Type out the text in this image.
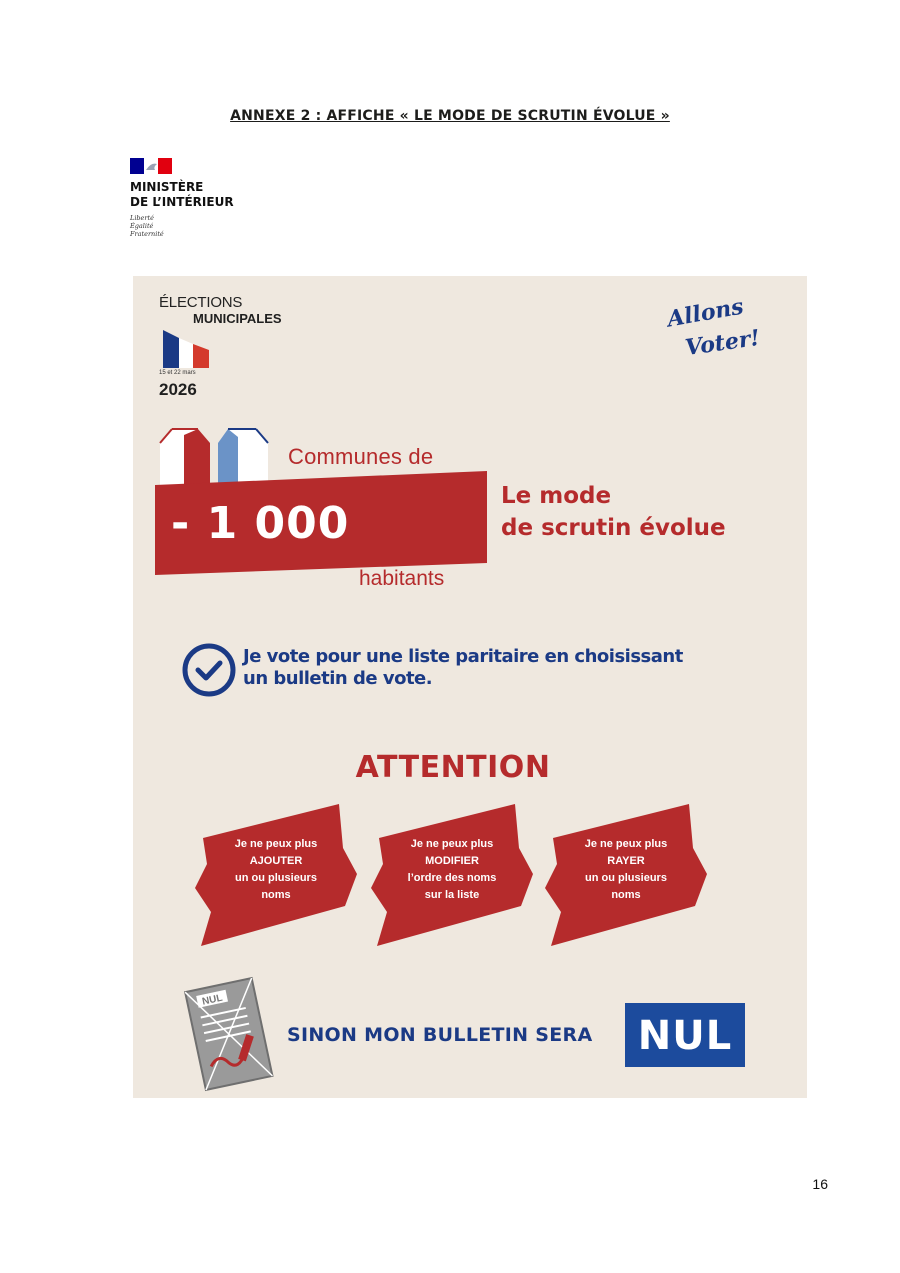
ANNEXE 2 : AFFICHE « LE MODE DE SCRUTIN ÉVOLUE »
MINISTÈRE
DE L’INTÉRIEUR
Liberté
Égalité
Fraternité
ÉLECTIONS
MUNICIPALES
15 et 22 mars
2026
Allons
Voter!
Communes de
- 1 000
habitants
Le mode
de scrutin évolue
Je vote pour une liste paritaire en choisissant
un bulletin de vote.
ATTENTION
Je ne peux plus
AJOUTER
un ou plusieurs
noms
Je ne peux plus
MODIFIER
l’ordre des noms
sur la liste
Je ne peux plus
RAYER
un ou plusieurs
noms
NUL
SINON MON BULLETIN SERA	NUL
16
